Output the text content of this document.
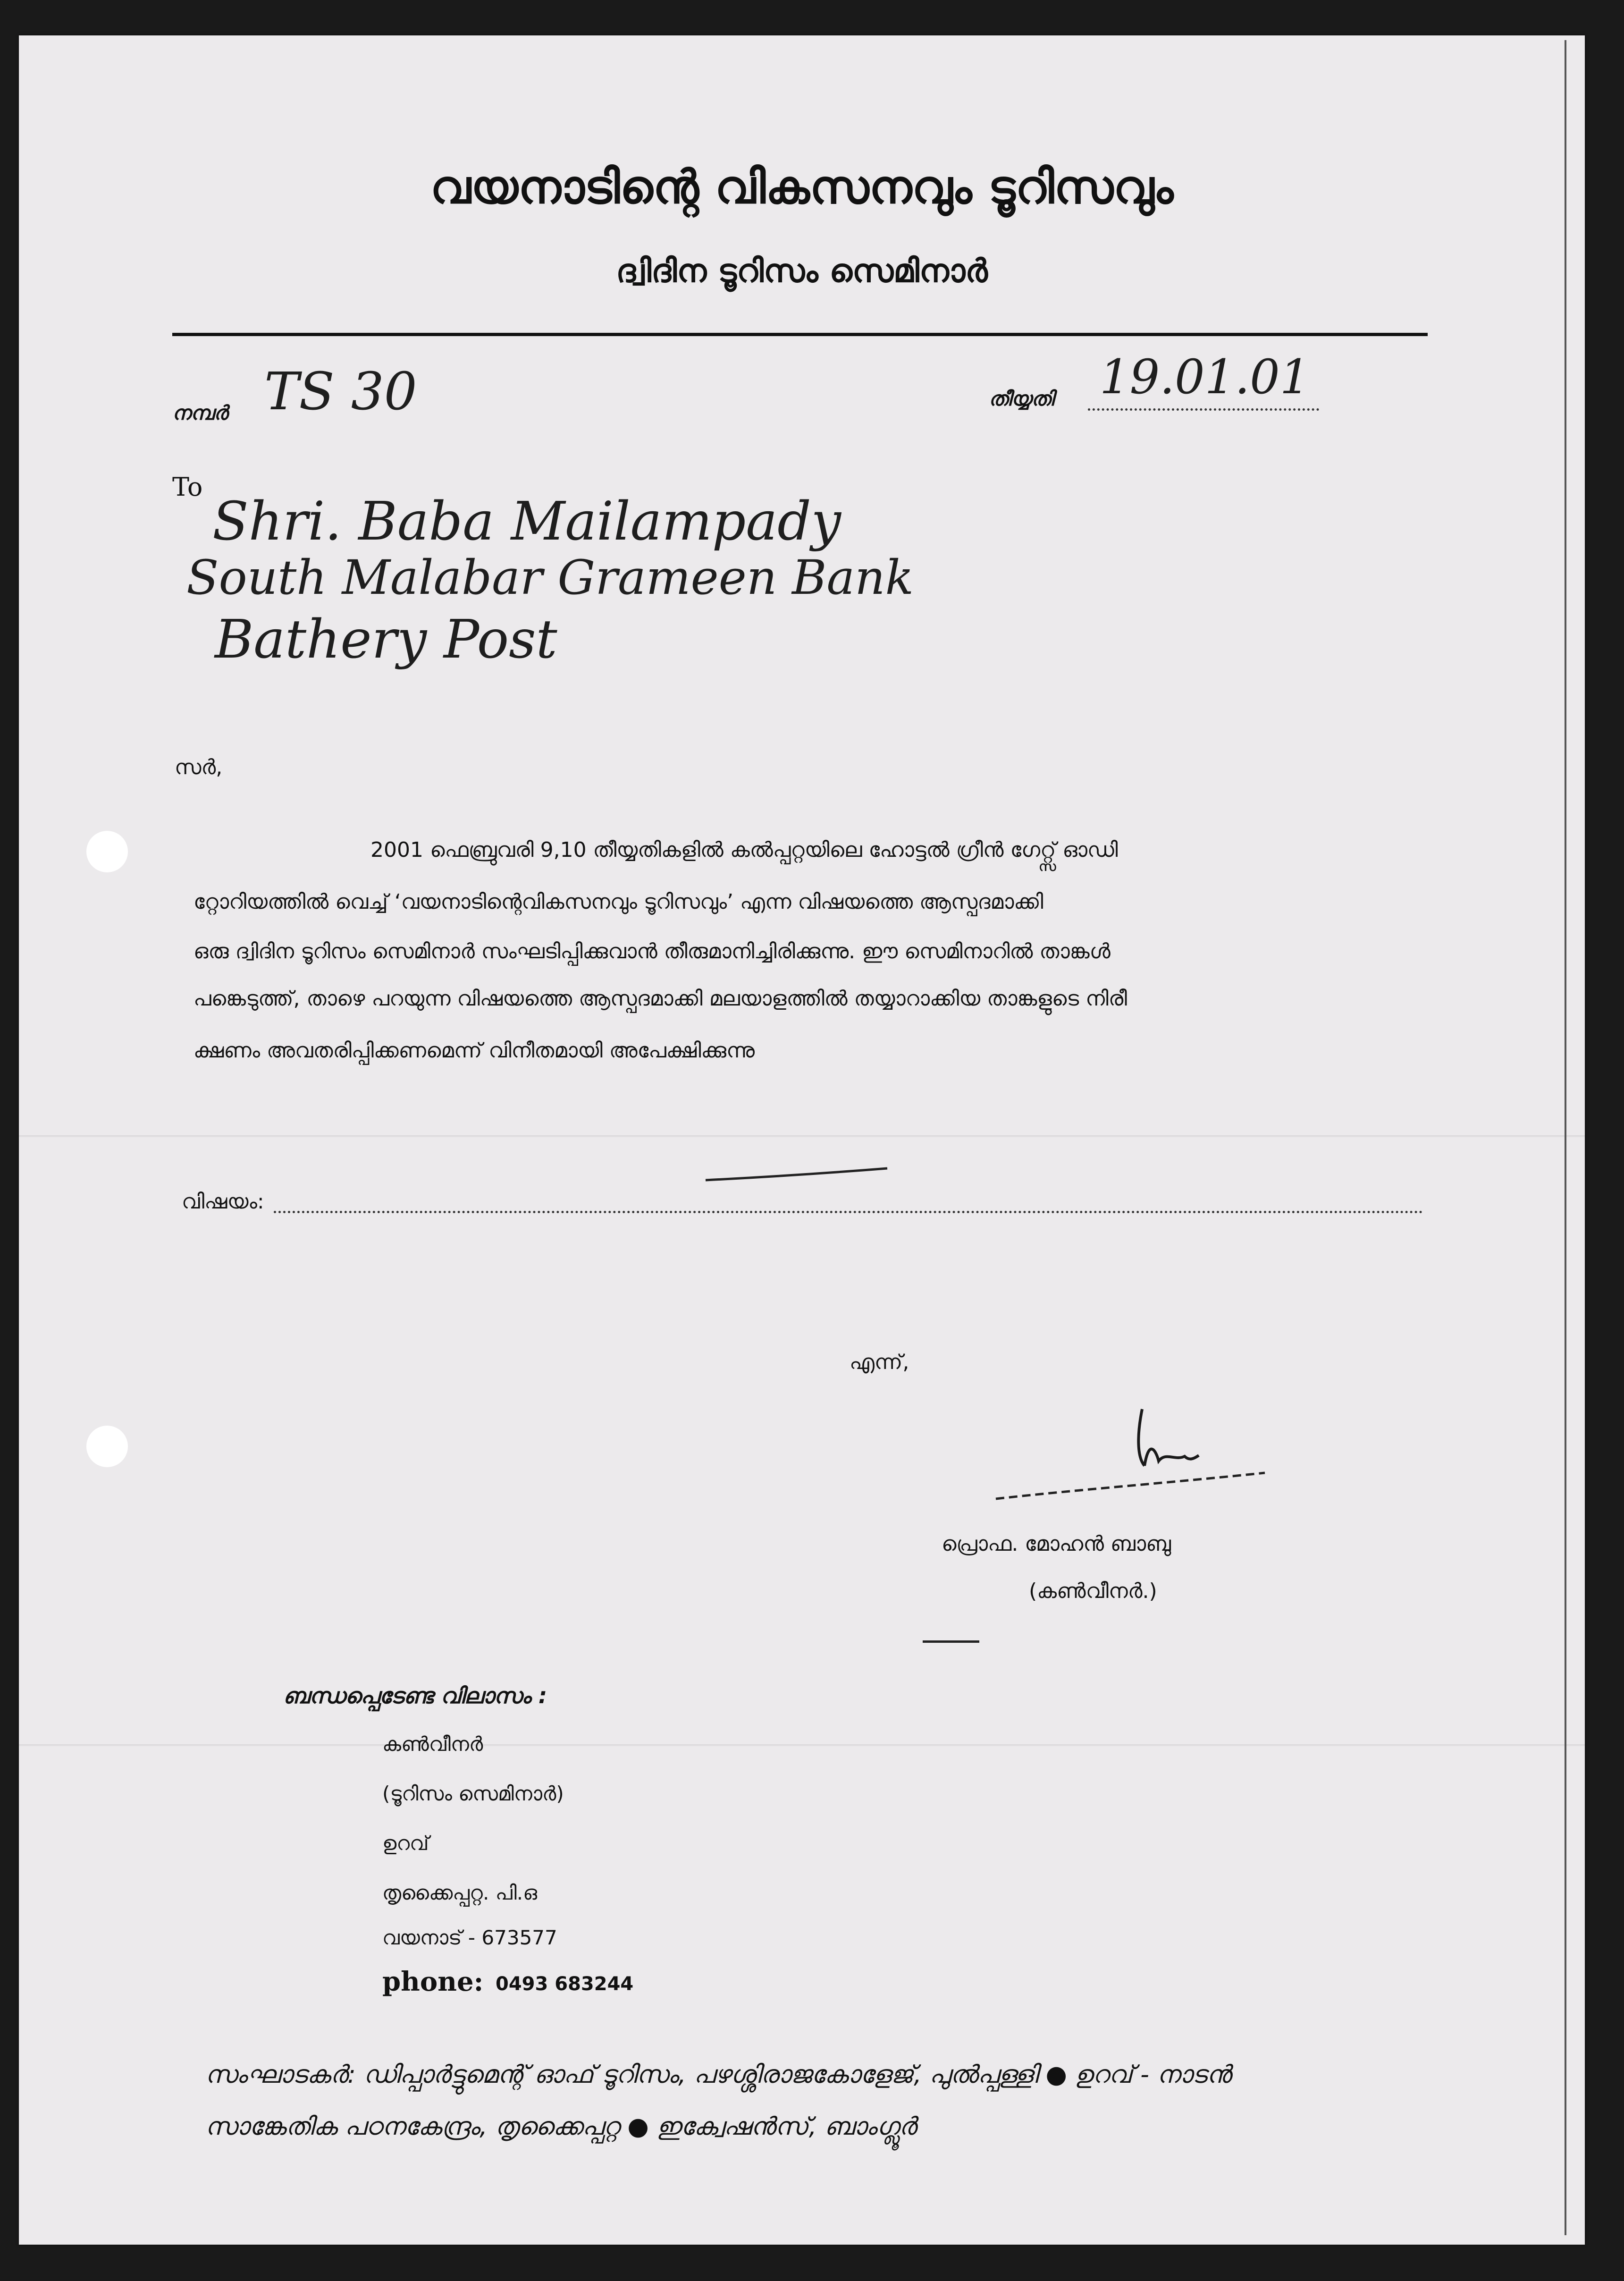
വയനാടിന്റെ വികസനവും ടൂറിസവും
ദ്വിദിന ടൂറിസം സെമിനാർ
നമ്പർ TS 30	തീയ്യതി 19.01.01
To
Shri. Baba Mailampady
South Malabar Grameen Bank
Bathery Post
സർ,
2001 ഫെബ്രുവരി 9,10 തീയ്യതികളിൽ കൽപ്പറ്റയിലെ ഹോട്ടൽ ഗ്രീൻ ഗേറ്റ്സ് ഓഡി
റ്റോറിയത്തിൽ വെച്ച് ‘വയനാടിന്റെവികസനവും ടൂറിസവും’ എന്ന വിഷയത്തെ ആസ്പദമാക്കി
ഒരു ദ്വിദിന ടൂറിസം സെമിനാർ സംഘടിപ്പിക്കുവാൻ തീരുമാനിച്ചിരിക്കുന്നു. ഈ സെമിനാറിൽ താങ്കൾ
പങ്കെടുത്ത്, താഴെ പറയുന്ന വിഷയത്തെ ആസ്പദമാക്കി മലയാളത്തിൽ തയ്യാറാക്കിയ താങ്കളുടെ നിരീ
ക്ഷണം അവതരിപ്പിക്കണമെന്ന് വിനീതമായി അപേക്ഷിക്കുന്നു
വിഷയം:
എന്ന്,
പ്രൊഫ. മോഹൻ ബാബു
(കൺവീനർ.)
ബന്ധപ്പെടേണ്ട വിലാസം :
കൺവീനർ
(ടൂറിസം സെമിനാർ)
ഉറവ്
തൃക്കൈപ്പറ്റ. പി.ഒ
വയനാട് - 673577
phone: 0493 683244
സംഘാടകർ: ഡിപ്പാർട്ടുമെന്റ് ഓഫ് ടൂറിസം, പഴശ്ശിരാജകോളേജ്, പുൽപ്പള്ളി ● ഉറവ് - നാടൻ
സാങ്കേതിക പഠനകേന്ദ്രം, തൃക്കൈപ്പറ്റ ● ഇക്വേഷൻസ്, ബാംഗ്ലൂർ
